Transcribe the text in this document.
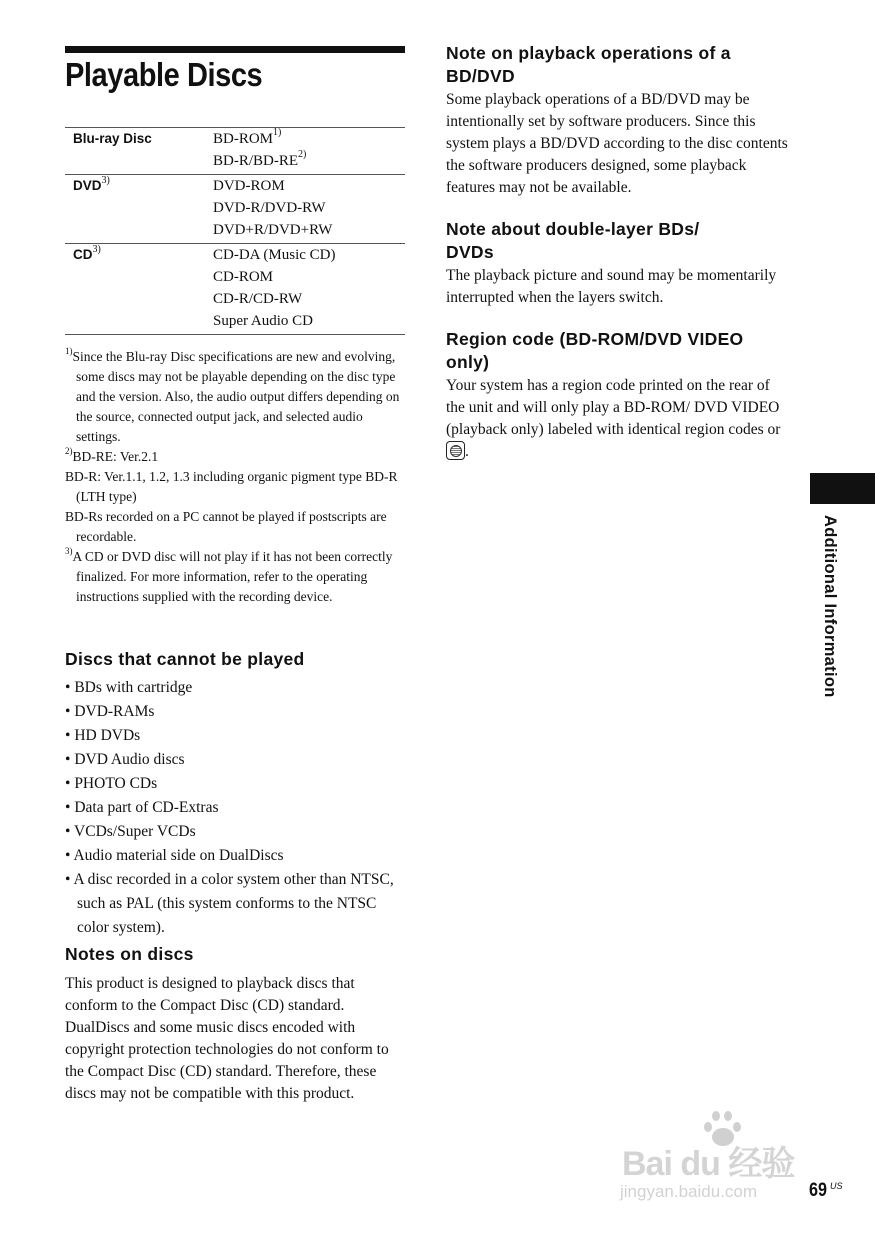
Playable Discs
Blu-ray Disc	BD-ROM$^{1)}$
BD-R/BD-RE$^{2)}$

DVD$^{3)}$	DVD-ROM
DVD-R/DVD-RW
DVD+R/DVD+RW

CD$^{3)}$	CD-DA (Music CD)
CD-ROM
CD-R/CD-RW
Super Audio CD

$^{1)}$Since the Blu-ray Disc specifications are new and evolving, some discs may not be playable depending on the disc type and the version. Also, the audio output differs depending on the source, connected output jack, and selected audio settings.

$^{2)}$BD-RE: Ver.2.1
BD-R: Ver.1.1, 1.2, 1.3 including organic pigment type BD-R (LTH type)
BD-Rs recorded on a PC cannot be played if postscripts are recordable.

$^{3)}$A CD or DVD disc will not play if it has not been correctly finalized. For more information, refer to the operating instructions supplied with the recording device.

Discs that cannot be played
• BDs with cartridge
• DVD-RAMs
• HD DVDs
• DVD Audio discs
• PHOTO CDs
• Data part of CD-Extras
• VCDs/Super VCDs
• Audio material side on DualDiscs
• A disc recorded in a color system other than NTSC, such as PAL (this system conforms to the NTSC color system).
Notes on discs

This product is designed to playback discs that conform to the Compact Disc (CD) standard. DualDiscs and some music discs encoded with copyright protection technologies do not conform to the Compact Disc (CD) standard. Therefore, these discs may not be compatible with this product.

Note on playback operations of a BD/DVD

Some playback operations of a BD/DVD may be intentionally set by software producers. Since this system plays a BD/DVD according to the disc contents the software producers designed, some playback features may not be available.

Note about double-layer BDs/ DVDs

The playback picture and sound may be momentarily interrupted when the layers switch.

Region code (BD-ROM/DVD VIDEO only)

Your system has a region code printed on the rear of the unit and will only play a BD-ROM/ DVD VIDEO (playback only) labeled with identical region codes or .

Additional Information
Bai du 经验
jingyan.baidu.com	69 US
